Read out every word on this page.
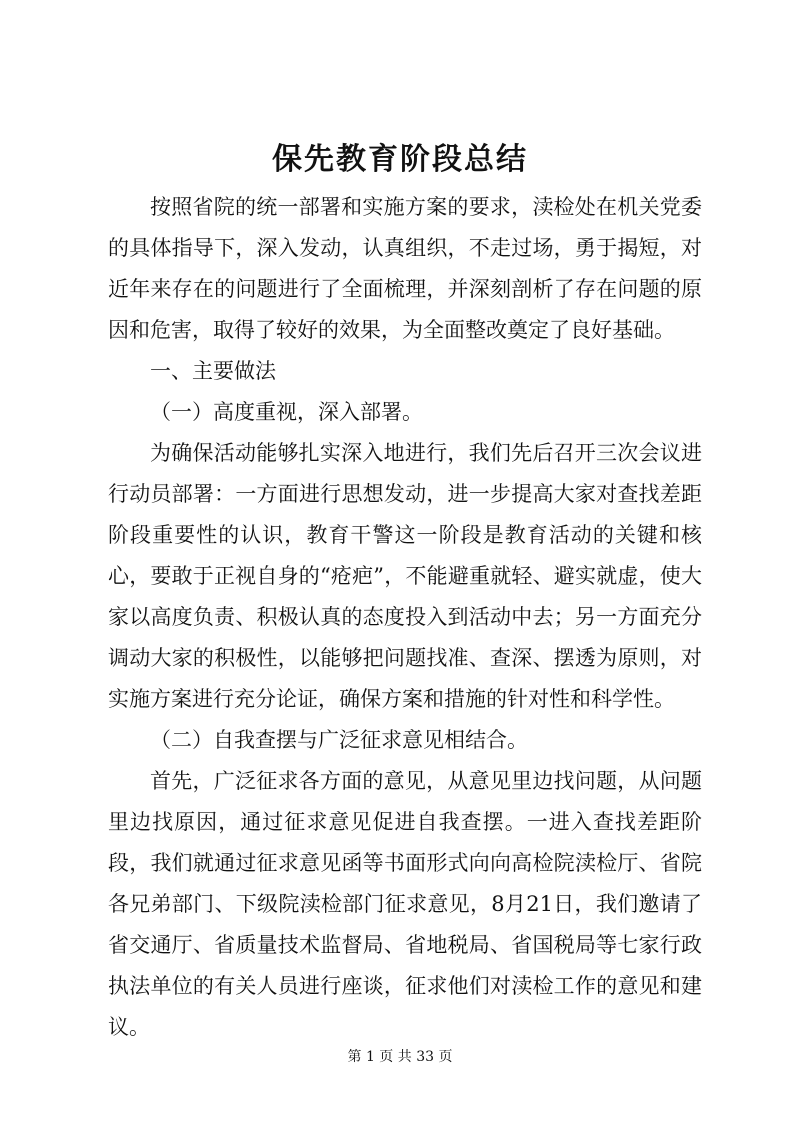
保先教育阶段总结

按照省院的统一部署和实施方案的要求，渎检处在机关党委的具体指导下，深入发动，认真组织，不走过场，勇于揭短，对近年来存在的问题进行了全面梳理，并深刻剖析了存在问题的原因和危害，取得了较好的效果，为全面整改奠定了良好基础。

一、主要做法

（一）高度重视，深入部署。

为确保活动能够扎实深入地进行，我们先后召开三次会议进行动员部署：一方面进行思想发动，进一步提高大家对查找差距阶段重要性的认识，教育干警这一阶段是教育活动的关键和核心，要敢于正视自身的“疮疤”，不能避重就轻、避实就虚，使大家以高度负责、积极认真的态度投入到活动中去；另一方面充分调动大家的积极性，以能够把问题找准、查深、摆透为原则，对实施方案进行充分论证，确保方案和措施的针对性和科学性。

（二）自我查摆与广泛征求意见相结合。

首先，广泛征求各方面的意见，从意见里边找问题，从问题里边找原因，通过征求意见促进自我查摆。一进入查找差距阶段，我们就通过征求意见函等书面形式向向高检院渎检厅、省院各兄弟部门、下级院渎检部门征求意见，8月21日，我们邀请了省交通厅、省质量技术监督局、省地税局、省国税局等七家行政执法单位的有关人员进行座谈，征求他们对渎检工作的意见和建议。

第 1 页 共 33 页
